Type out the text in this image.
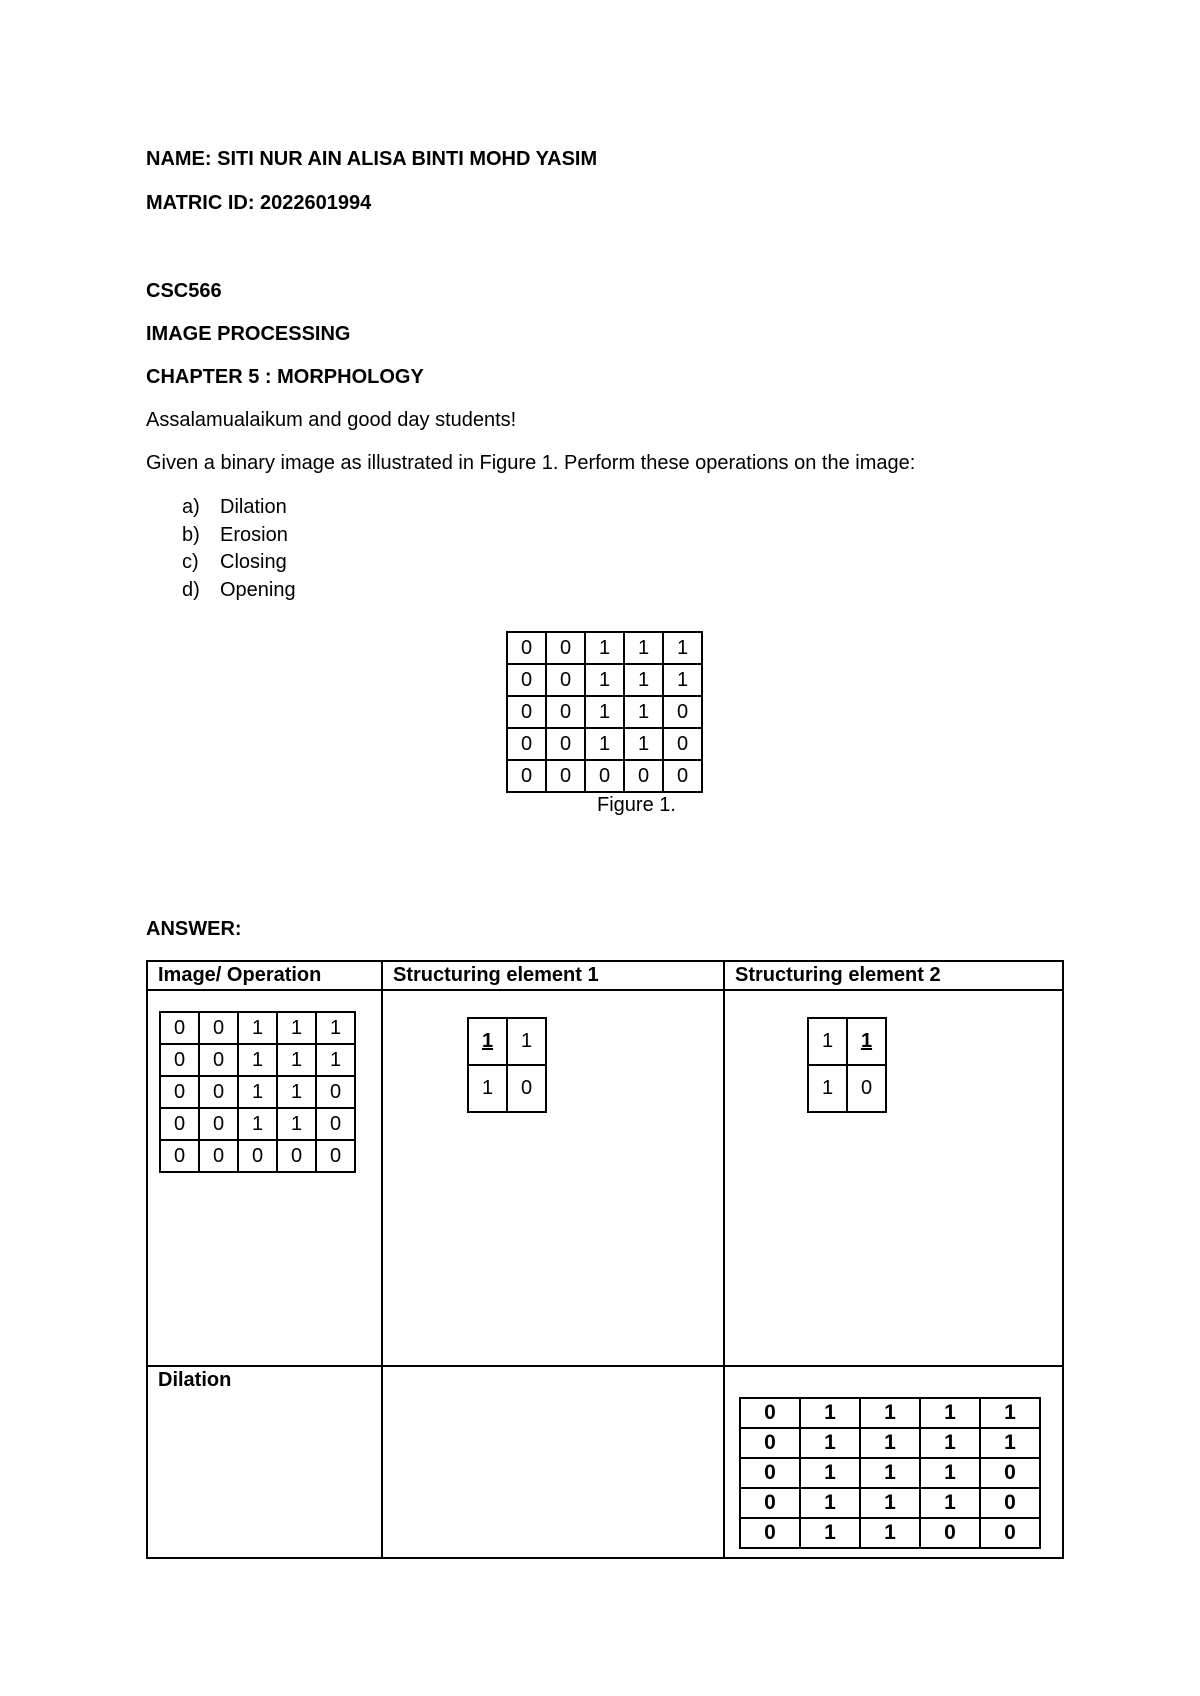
NAME: SITI NUR AIN ALISA BINTI MOHD YASIM
MATRIC ID: 2022601994
CSC566
IMAGE PROCESSING
CHAPTER 5 : MORPHOLOGY
Assalamualaikum and good day students!
Given a binary image as illustrated in Figure 1. Perform these operations on the image:
a) Dilation
b) Erosion
c) Closing
d) Opening
0	0	1	1	1
0	0	1	1	1
0	0	1	1	0
0	0	1	1	0
0	0	0	0	0
Figure 1.
ANSWER:
Image/ Operation	Structuring element 1	Structuring element 2

0	0	1	1	1
0	0	1	1	1
0	0	1	1	0
0	0	1	1	0
0	0	0	0	0

1	1
1	0

1	1
1	0

Dilation

0	1	1	1	1
0	1	1	1	1
0	1	1	1	0
0	1	1	1	0
0	1	1	0	0
